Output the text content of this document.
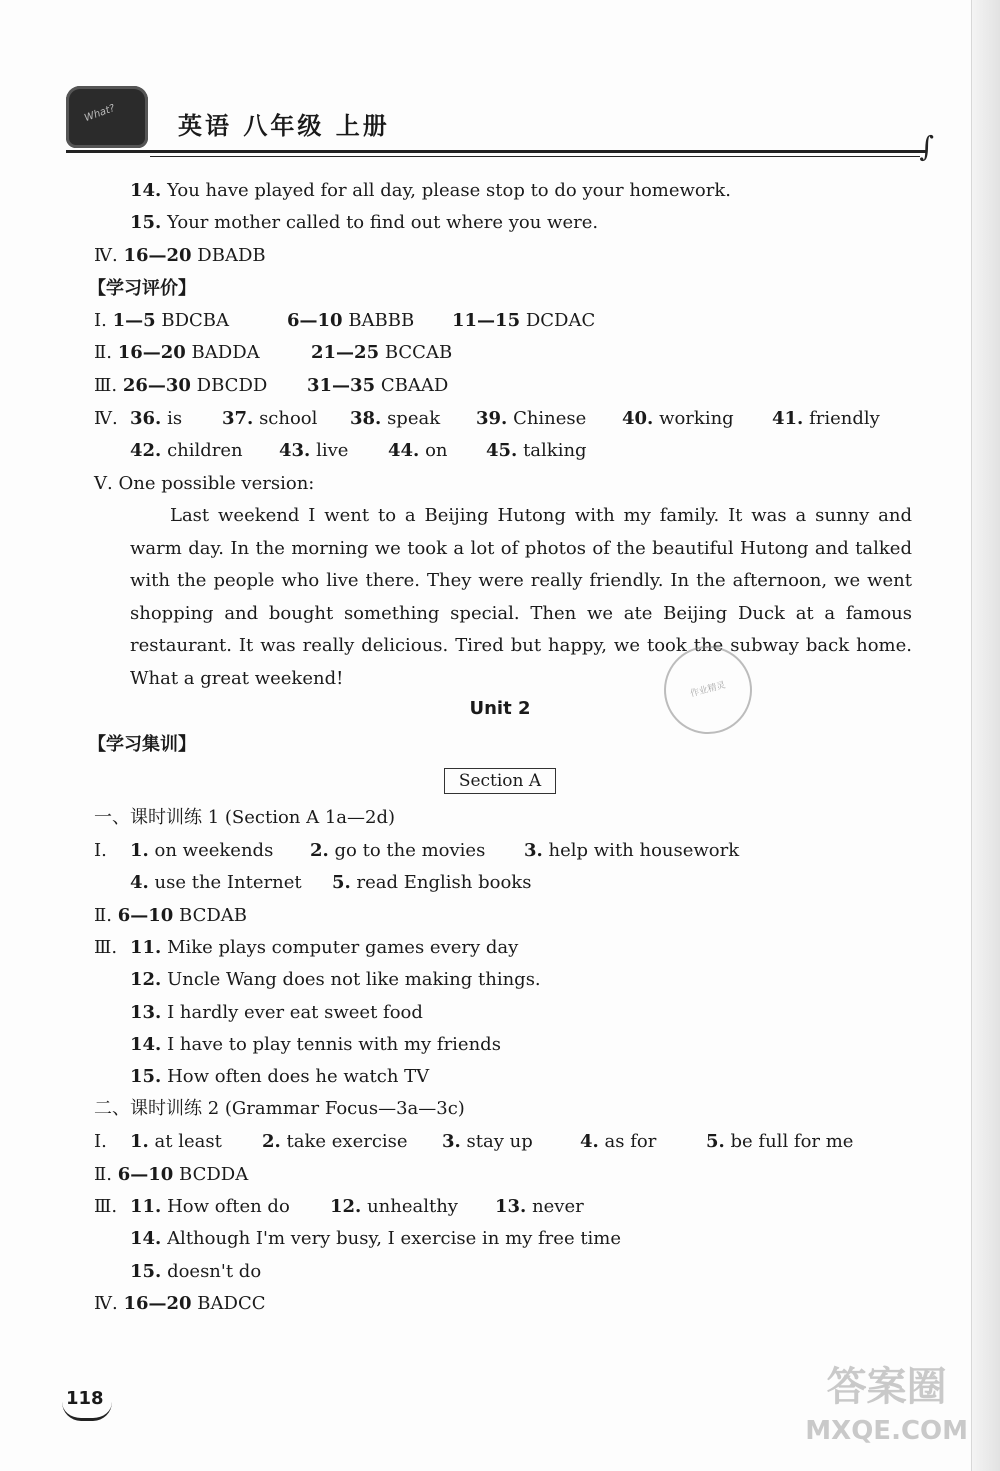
What?	英语 八年级 上册
∫
14. You have played for all day, please stop to do your homework.
15. Your mother called to find out where you were.
Ⅳ. 16—20 DBADB
【学习评价】
Ⅰ. 1—5 BDCBA	6—10 BABBB 11—15 DCDAC
Ⅱ. 16—20 BADDA	21—25 BCCAB
Ⅲ. 26—30 DBCDD 31—35 CBAAD
Ⅳ. 36. is 37. school 38. speak 39. Chinese 40. working 41. friendly
42. children 43. live 44. on 45. talking
Ⅴ. One possible version:
Last weekend I went to a Beijing Hutong with my family. It was a sunny and warm day. In the morning we took a lot of photos of the beautiful Hutong and talked with the people who live there. They were really friendly. In the afternoon, we went shopping and bought something special. Then we ate Beijing Duck at a famous restaurant. It was really delicious. Tired but happy, we took the subway back home. What a great weekend!
作业精灵
Unit 2
【学习集训】
Section A
一、课时训练 1 (Section A 1a—2d)
Ⅰ. 1. on weekends 2. go to the movies 3. help with housework
4. use the Internet 5. read English books
Ⅱ. 6—10 BCDAB
Ⅲ. 11. Mike plays computer games every day
12. Uncle Wang does not like making things.
13. I hardly ever eat sweet food
14. I have to play tennis with my friends
15. How often does he watch TV
二、课时训练 2 (Grammar Focus—3a—3c)
Ⅰ. 1. at least 2. take exercise 3. stay up	4. as for	5. be full for me
Ⅱ. 6—10 BCDDA
Ⅲ. 11. How often do 12. unhealthy 13. never
14. Although I'm very busy, I exercise in my free time
15. doesn't do
Ⅳ. 16—20 BADCC
118	答案圈
MXQE.COM
